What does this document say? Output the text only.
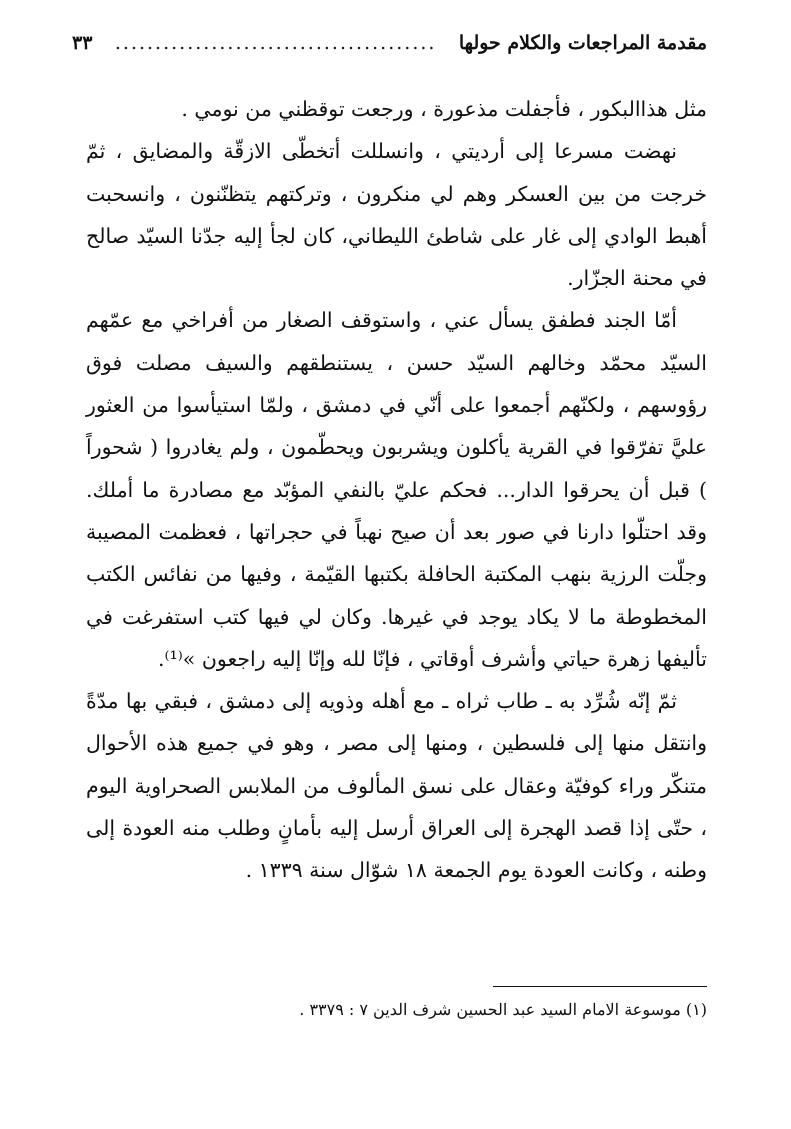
مقدمة المراجعات والكلام حولها
........................................
٣٣

مثل هذاالبكور ، فأجفلت مذعورة ، ورجعت توقظني من نومي .

نهضت مسرعا إلى أرديتي ، وانسللت أتخطّى الازقّة والمضايق ، ثمّ خرجت من بين العسكر وهم لي منكرون ، وتركتهم يتظنّنون ، وانسحبت أهبط الوادي إلى غار على شاطئ الليطاني، كان لجأ إليه جدّنا السيّد صالح في محنة الجزّار.

أمّا الجند فطفق يسأل عني ، واستوقف الصغار من أفراخي مع عمّهم السيّد محمّد وخالهم السيّد حسن ، يستنطقهم والسيف مصلت فوق رؤوسهم ، ولكنّهم أجمعوا على أنّي في دمشق ، ولمّا استيأسوا من العثور عليَّ تفرّقوا في القرية يأكلون ويشربون ويحطّمون ، ولم يغادروا ( شحوراً ) قبل أن يحرقوا الدار... فحكم عليّ بالنفي المؤبّد مع مصادرة ما أملك. وقد احتلّوا دارنا في صور بعد أن صيح نهباً في حجراتها ، فعظمت المصيبة وجلّت الرزية بنهب المكتبة الحافلة بكتبها القيّمة ، وفيها من نفائس الكتب المخطوطة ما لا يكاد يوجد في غيرها. وكان لي فيها كتب استفرغت في تأليفها زهرة حياتي وأشرف أوقاتي ، فإنّا لله وإنّا إليه راجعون »⁽¹⁾.

ثمّ إنّه شُرِّد به ـ طاب ثراه ـ مع أهله وذويه إلى دمشق ، فبقي بها مدّةً وانتقل منها إلى فلسطين ، ومنها إلى مصر ، وهو في جميع هذه الأحوال متنكّر وراء كوفيّة وعقال على نسق المألوف من الملابس الصحراوية اليوم ، حتّى إذا قصد الهجرة إلى العراق أرسل إليه بأمانٍ وطلب منه العودة إلى وطنه ، وكانت العودة يوم الجمعة ١٨ شوّال سنة ١٣٣٩ .

(١) موسوعة الامام السيد عبد الحسين شرف الدين ٧ : ٣٣٧٩ .
